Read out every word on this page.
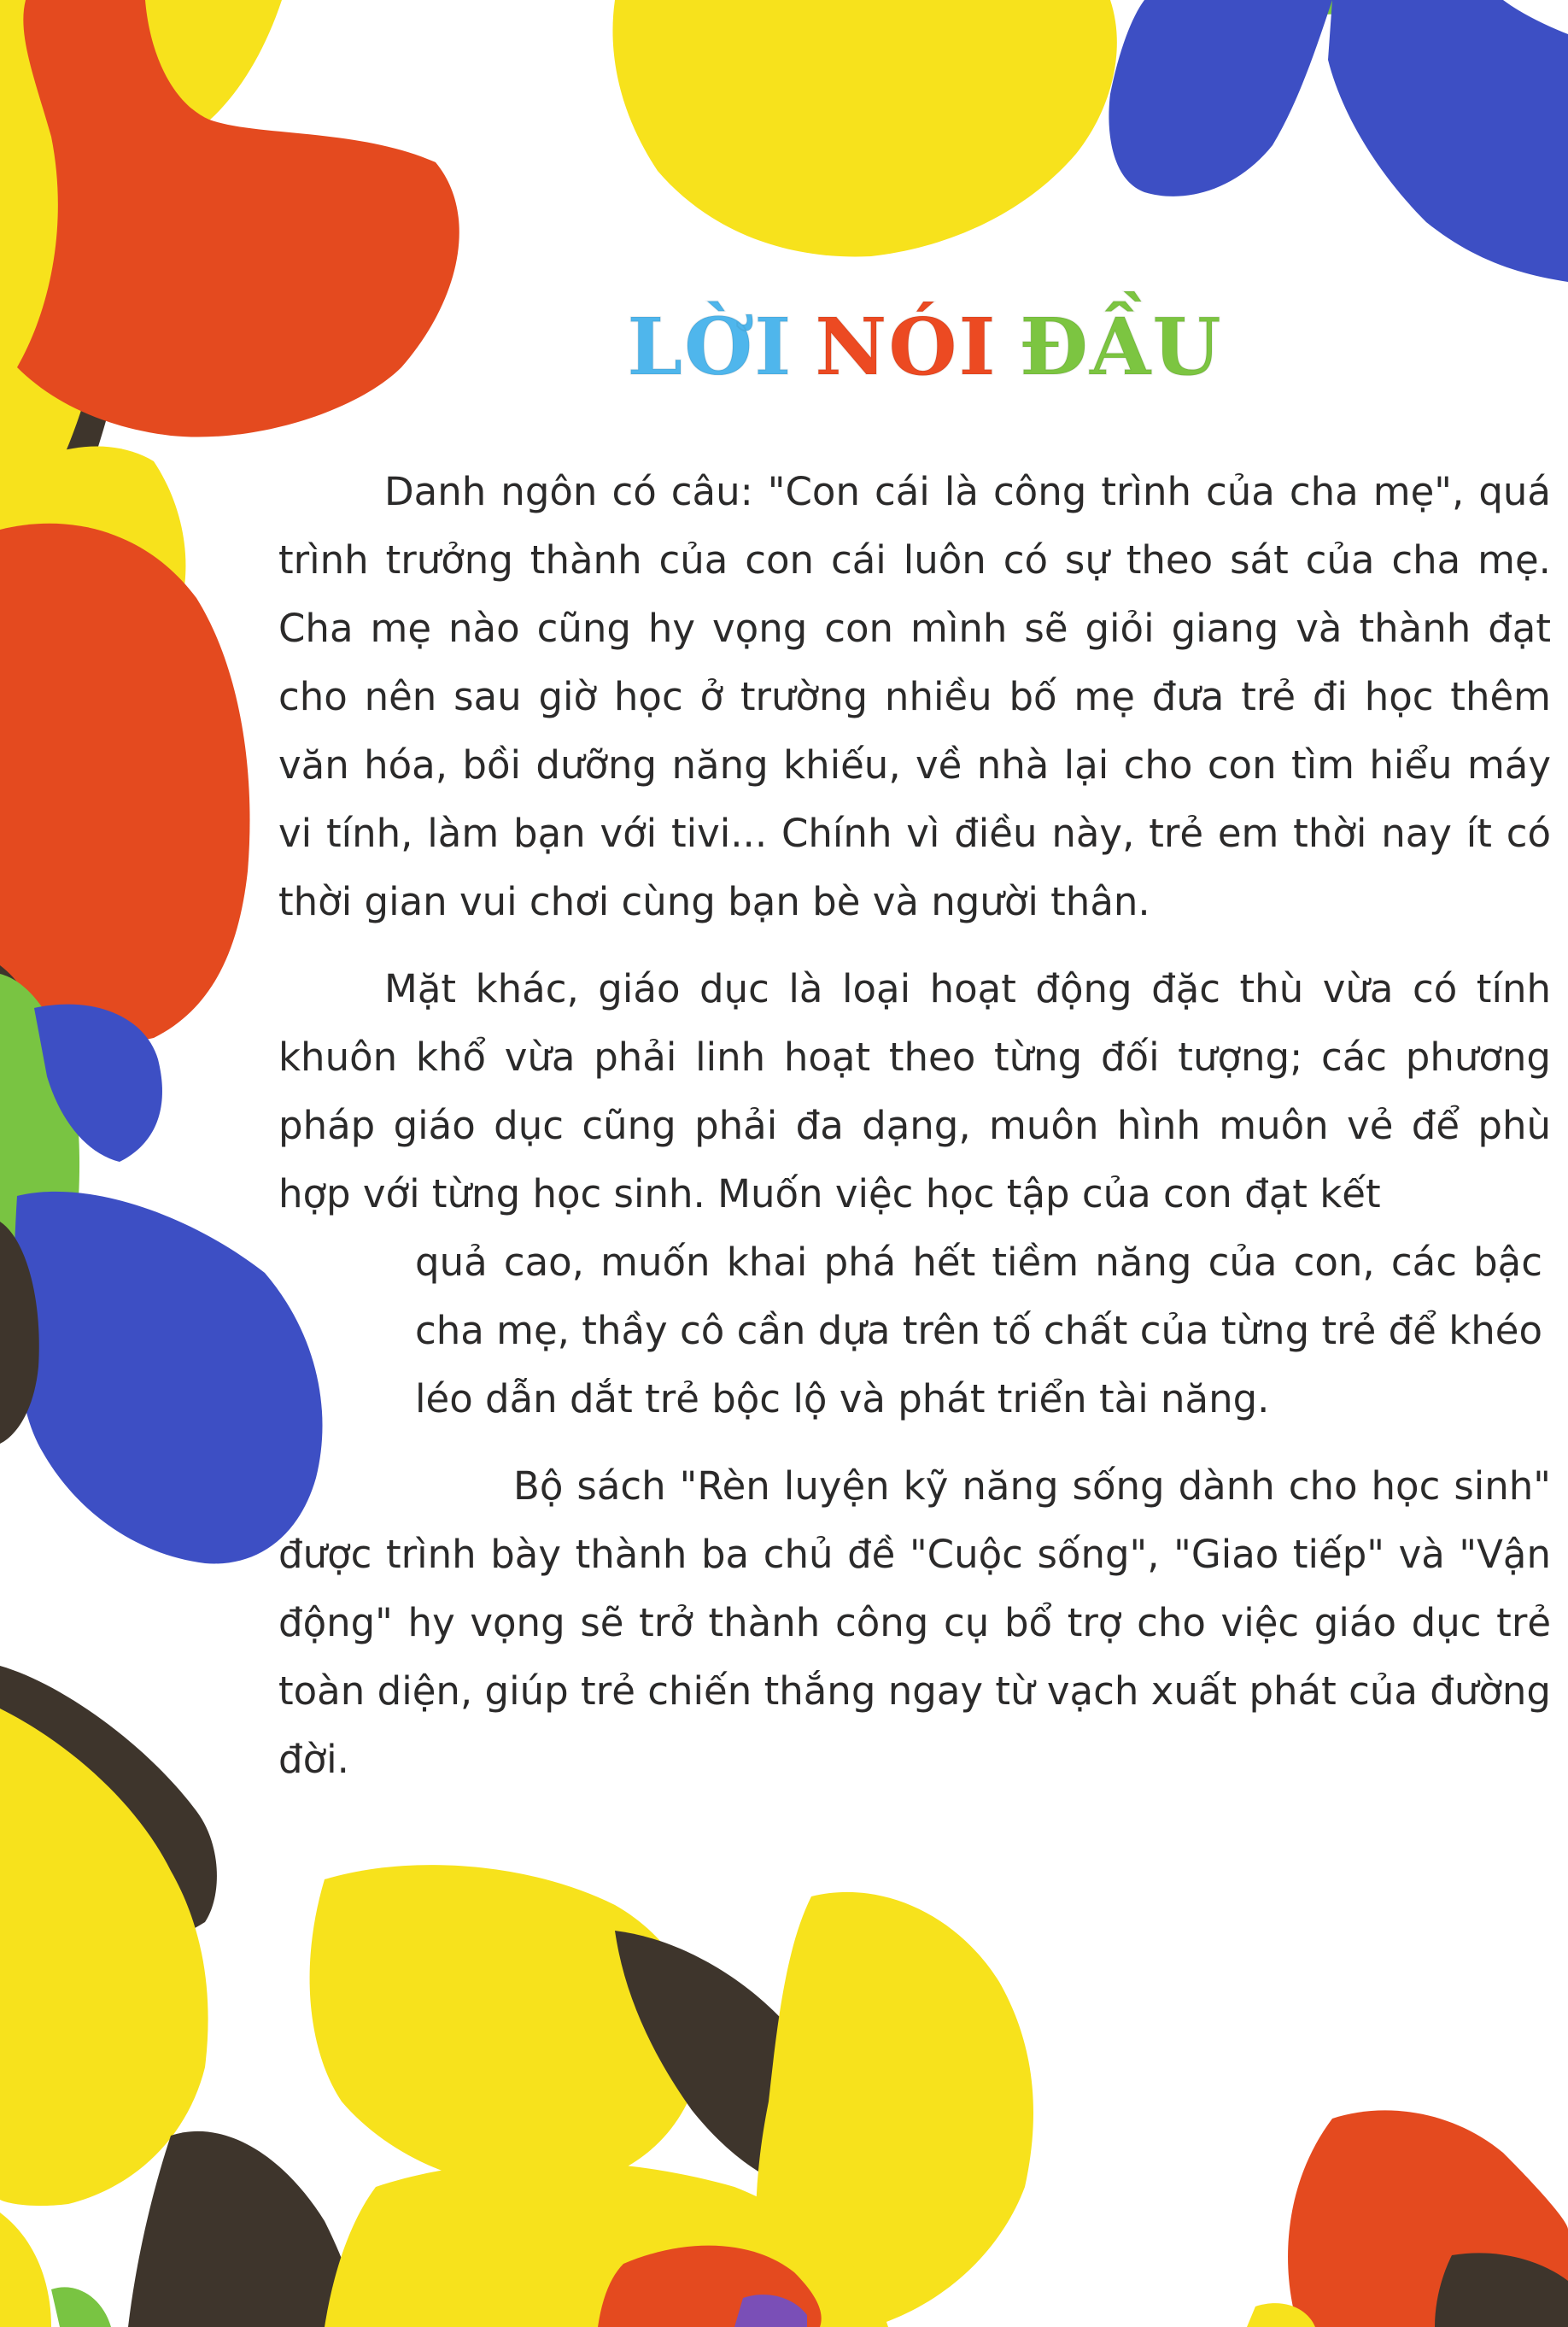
LỜI NÓI ĐẦU

Danh ngôn có câu: "Con cái là công trình của cha mẹ", quá trình trưởng thành của con cái luôn có sự theo sát của cha mẹ. Cha mẹ nào cũng hy vọng con mình sẽ giỏi giang và thành đạt cho nên sau giờ học ở trường nhiều bố mẹ đưa trẻ đi học thêm văn hóa, bồi dưỡng năng khiếu, về nhà lại cho con tìm hiểu máy vi tính, làm bạn với tivi... Chính vì điều này, trẻ em thời nay ít có thời gian vui chơi cùng bạn bè và người thân.

Mặt khác, giáo dục là loại hoạt động đặc thù vừa có tính khuôn khổ vừa phải linh hoạt theo từng đối tượng; các phương pháp giáo dục cũng phải đa dạng, muôn hình muôn vẻ để phù hợp với từng học sinh. Muốn việc học tập của con đạt kết

quả cao, muốn khai phá hết tiềm năng của con, các bậc cha mẹ, thầy cô cần dựa trên tố chất của từng trẻ để khéo léo dẫn dắt trẻ bộc lộ và phát triển tài năng.

Bộ sách "Rèn luyện kỹ năng sống dành cho học sinh" được trình bày thành ba chủ đề "Cuộc sống", "Giao tiếp" và "Vận động" hy vọng sẽ trở thành công cụ bổ trợ cho việc giáo dục trẻ toàn diện, giúp trẻ chiến thắng ngay từ vạch xuất phát của đường đời.
